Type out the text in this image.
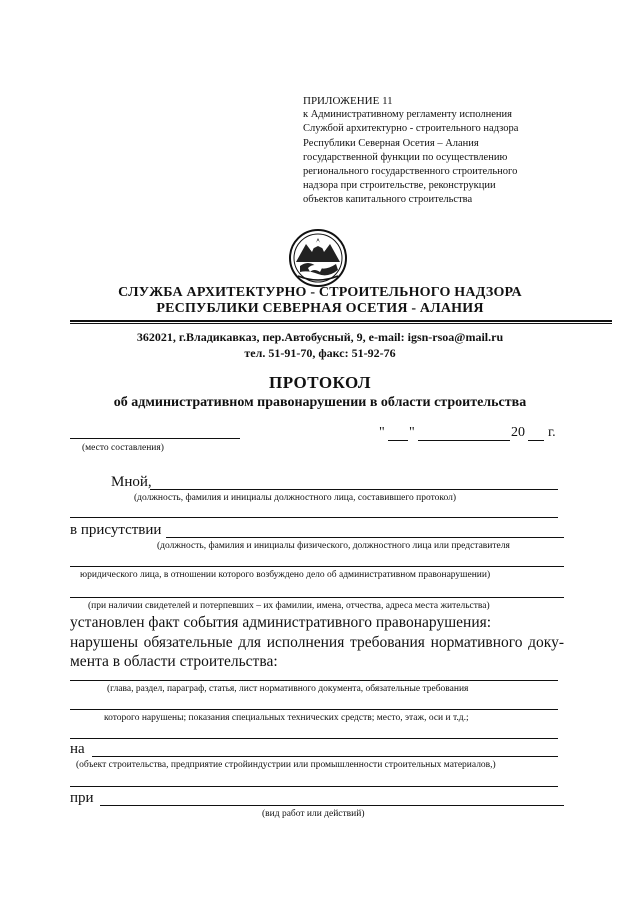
ПРИЛОЖЕНИЕ 11
к Административному регламенту исполнения
Службой архитектурно - строительного надзора
Республики Северная Осетия – Алания
государственной функции по осуществлению
регионального государственного строительного
надзора при строительстве, реконструкции
объектов капитального строительства
СЛУЖБА АРХИТЕКТУРНО - СТРОИТЕЛЬНОГО НАДЗОРА
РЕСПУБЛИКИ СЕВЕРНАЯ ОСЕТИЯ - АЛАНИЯ
362021, г.Владикавказ, пер.Автобусный, 9, e-mail: igsn-rsoa@mail.ru
тел. 51-91-70, факс: 51-92-76
ПРОТОКОЛ
об административном правонарушении в области строительства
(место составления)
" "	20 г.
Мной,
(должность, фамилия и инициалы должностного лица, составившего протокол)
в присутствии
(должность, фамилия и инициалы физического, должностного лица или представителя
юридического лица, в отношении которого возбуждено дело об административном правонарушении)
(при наличии свидетелей и потерпевших – их фамилии, имена, отчества, адреса места жительства)
установлен факт события административного правонарушения:
нарушены обязательные для исполнения требования нормативного доку-
мента в области строительства:
(глава, раздел, параграф, статья, лист нормативного документа, обязательные требования
которого нарушены; показания специальных технических средств; место, этаж, оси и т.д.;
на
(объект строительства, предприятие стройиндустрии или промышленности строительных материалов,)
при
(вид работ или действий)
